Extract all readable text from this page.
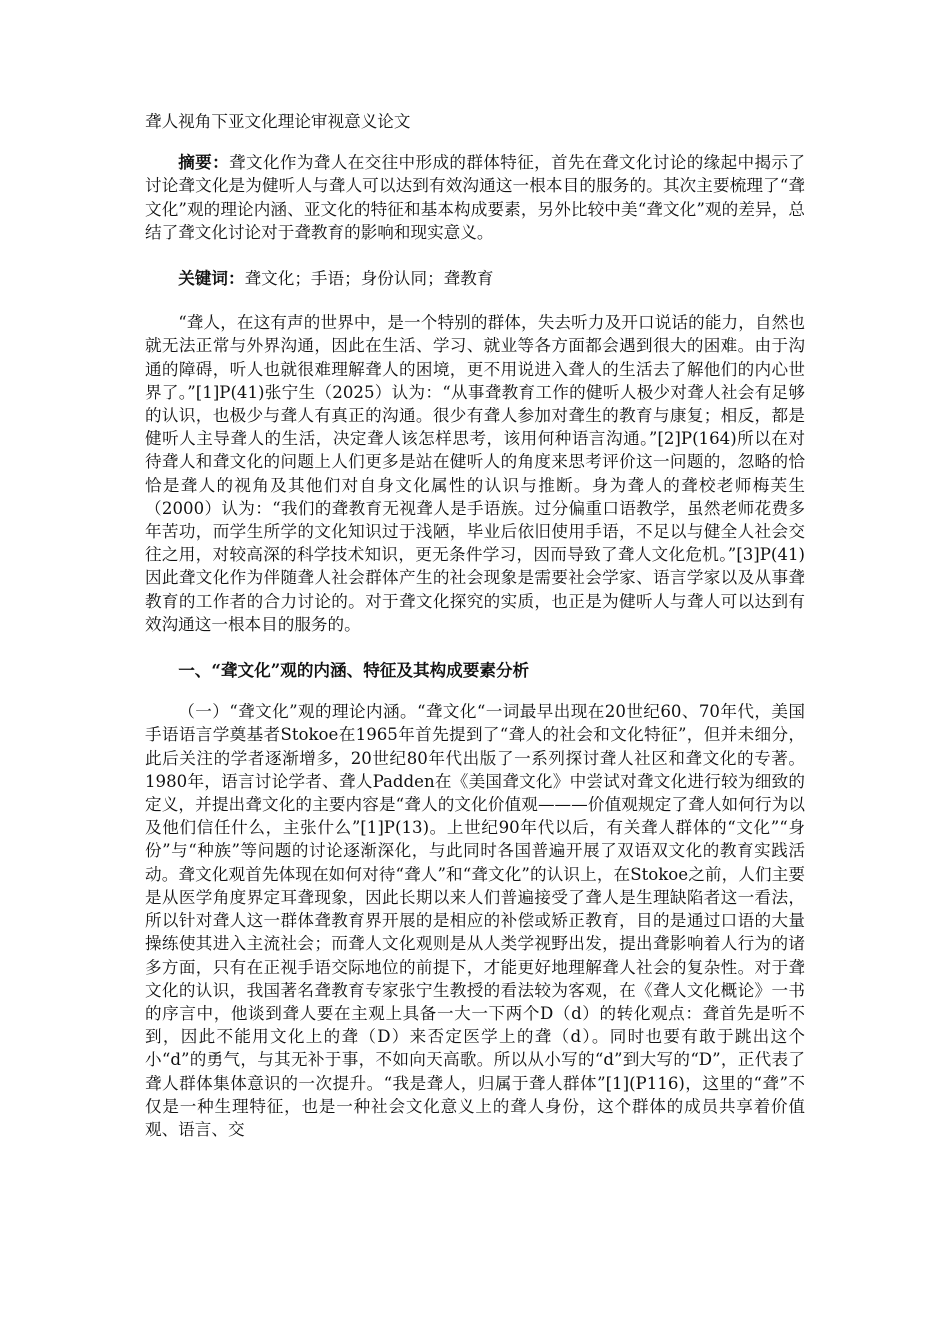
聋人视角下亚文化理论审视意义论文

摘要：聋文化作为聋人在交往中形成的群体特征，首先在聋文化讨论的缘起中揭示了讨论聋文化是为健听人与聋人可以达到有效沟通这一根本目的服务的。其次主要梳理了“聋文化”观的理论内涵、亚文化的特征和基本构成要素，另外比较中美“聋文化”观的差异，总结了聋文化讨论对于聋教育的影响和现实意义。

关键词：聋文化；手语；身份认同；聋教育

“聋人，在这有声的世界中，是一个特别的群体，失去听力及开口说话的能力，自然也就无法正常与外界沟通，因此在生活、学习、就业等各方面都会遇到很大的困难。由于沟通的障碍，听人也就很难理解聋人的困境，更不用说进入聋人的生活去了解他们的内心世界了。”[1]P(41)张宁生（2025）认为：“从事聋教育工作的健听人极少对聋人社会有足够的认识，也极少与聋人有真正的沟通。很少有聋人参加对聋生的教育与康复；相反，都是健听人主导聋人的生活，决定聋人该怎样思考，该用何种语言沟通。”[2]P(164)所以在对待聋人和聋文化的问题上人们更多是站在健听人的角度来思考评价这一问题的，忽略的恰恰是聋人的视角及其他们对自身文化属性的认识与推断。身为聋人的聋校老师梅芙生（2000）认为：“我们的聋教育无视聋人是手语族。过分偏重口语教学，虽然老师花费多年苦功，而学生所学的文化知识过于浅陋，毕业后依旧使用手语，不足以与健全人社会交往之用，对较高深的科学技术知识，更无条件学习，因而导致了聋人文化危机。”[3]P(41)因此聋文化作为伴随聋人社会群体产生的社会现象是需要社会学家、语言学家以及从事聋教育的工作者的合力讨论的。对于聋文化探究的实质，也正是为健听人与聋人可以达到有效沟通这一根本目的服务的。

一、“聋文化”观的内涵、特征及其构成要素分析

（一）“聋文化”观的理论内涵。“聋文化“一词最早出现在20世纪60、70年代，美国手语语言学奠基者Stokoe在1965年首先提到了“聋人的社会和文化特征”，但并未细分，此后关注的学者逐渐增多，20世纪80年代出版了一系列探讨聋人社区和聋文化的专著。1980年，语言讨论学者、聋人Padden在《美国聋文化》中尝试对聋文化进行较为细致的定义，并提出聋文化的主要内容是“聋人的文化价值观———价值观规定了聋人如何行为以及他们信任什么，主张什么”[1]P(13)。上世纪90年代以后，有关聋人群体的“文化”“身份”与“种族”等问题的讨论逐渐深化，与此同时各国普遍开展了双语双文化的教育实践活动。聋文化观首先体现在如何对待“聋人”和“聋文化”的认识上，在Stokoe之前，人们主要是从医学角度界定耳聋现象，因此长期以来人们普遍接受了聋人是生理缺陷者这一看法，所以针对聋人这一群体聋教育界开展的是相应的补偿或矫正教育，目的是通过口语的大量操练使其进入主流社会；而聋人文化观则是从人类学视野出发，提出聋影响着人行为的诸多方面，只有在正视手语交际地位的前提下，才能更好地理解聋人社会的复杂性。对于聋文化的认识，我国著名聋教育专家张宁生教授的看法较为客观，在《聋人文化概论》一书的序言中，他谈到聋人要在主观上具备一大一下两个D（d）的转化观点：聋首先是听不到，因此不能用文化上的聋（D）来否定医学上的聋（d）。同时也要有敢于跳出这个小“d”的勇气，与其无补于事，不如向天高歌。所以从小写的“d”到大写的“D”，正代表了聋人群体集体意识的一次提升。“我是聋人，归属于聋人群体”[1](P116)，这里的“聋”不仅是一种生理特征，也是一种社会文化意义上的聋人身份，这个群体的成员共享着价值观、语言、交
